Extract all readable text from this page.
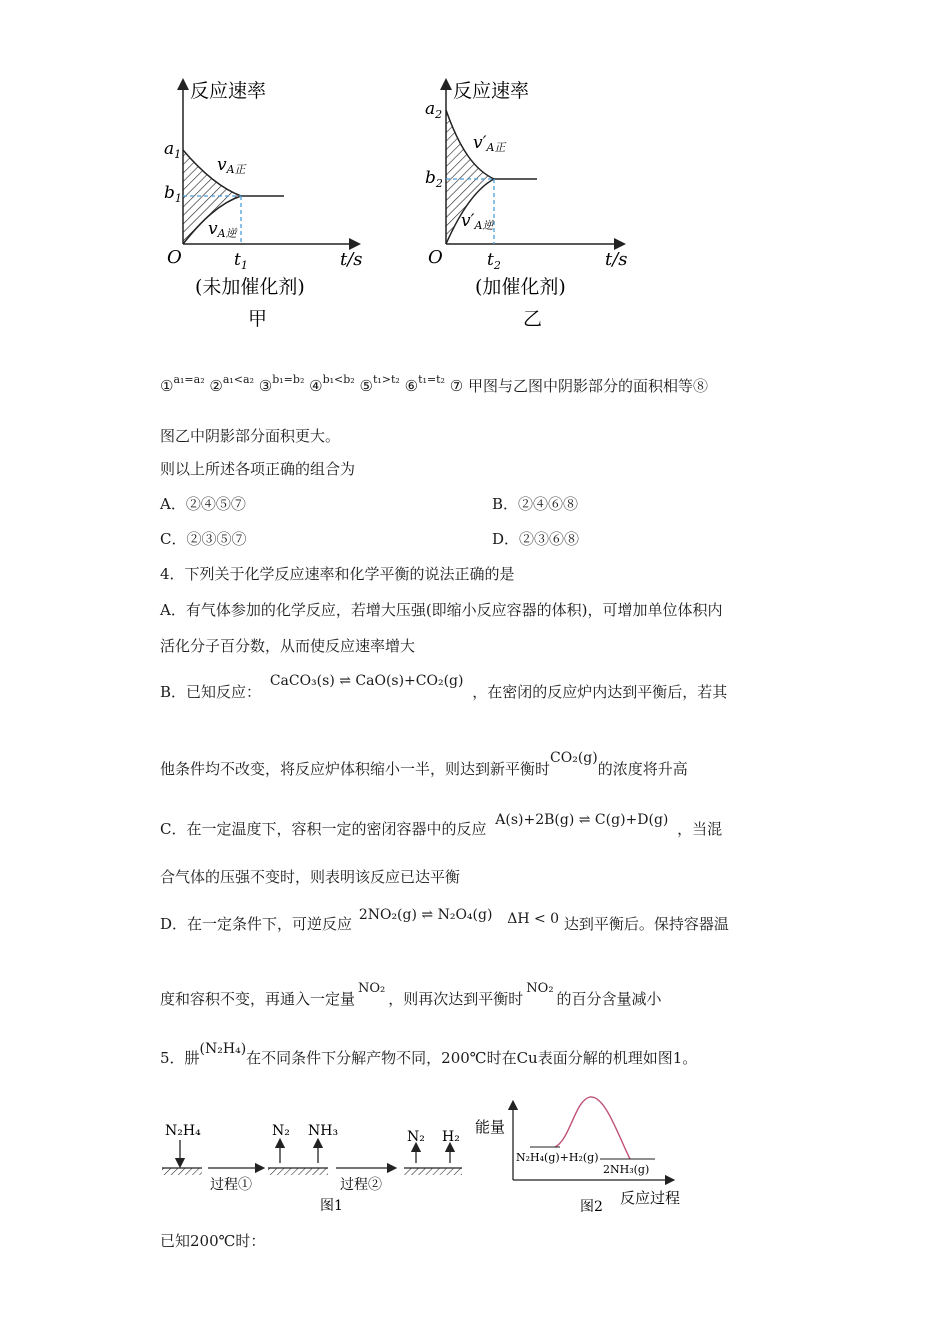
反应速率
$a_1$
$b_1$
vA正
vA逆
O	$t_1$	t/s
(未加催化剂)
甲
反应速率
$a_2$
$b_2$
v′A正
v′A逆
O	$t_2$	t/s
(加催化剂)
乙
①$^{a_1=a_2}$ ②$^{a_1<a_2}$ ③$^{b_1=b_2}$ ④$^{b_1<b_2}$ ⑤$^{t_1>t_2}$ ⑥$^{t_1=t_2}$ ⑦ 甲图与乙图中阴影部分的面积相等⑧
图乙中阴影部分面积更大。
则以上所述各项正确的组合为
A．②④⑤⑦	B．②④⑥⑧
C．②③⑤⑦	D．②③⑥⑧
4．下列关于化学反应速率和化学平衡的说法正确的是
A．有气体参加的化学反应，若增大压强(即缩小反应容器的体积)，可增加单位体积内
活化分子百分数，从而使反应速率增大
B．已知反应： CaCO₃(s) ⇌ CaO(s)+CO₂(g) ，在密闭的反应炉内达到平衡后，若其
他条件均不改变，将反应炉体积缩小一半，则达到新平衡时CO₂(g)的浓度将升高
C．在一定温度下，容积一定的密闭容器中的反应 A(s)+2B(g) ⇌ C(g)+D(g) ，当混
合气体的压强不变时，则表明该反应已达平衡
D．在一定条件下，可逆反应 2NO₂(g) ⇌ N₂O₄(g) ΔH < 0 达到平衡后。保持容器温
度和容积不变，再通入一定量NO₂，则再次达到平衡时NO₂的百分含量减小
5．肼(N₂H₄)在不同条件下分解产物不同，200℃时在Cu表面分解的机理如图1。
N₂H₄
过程①
N₂ NH₃
过程②
N₂ H₂
图1
能量
N₂H₄(g)+H₂(g)
2NH₃(g)
反应过程
图2
已知200℃时：
